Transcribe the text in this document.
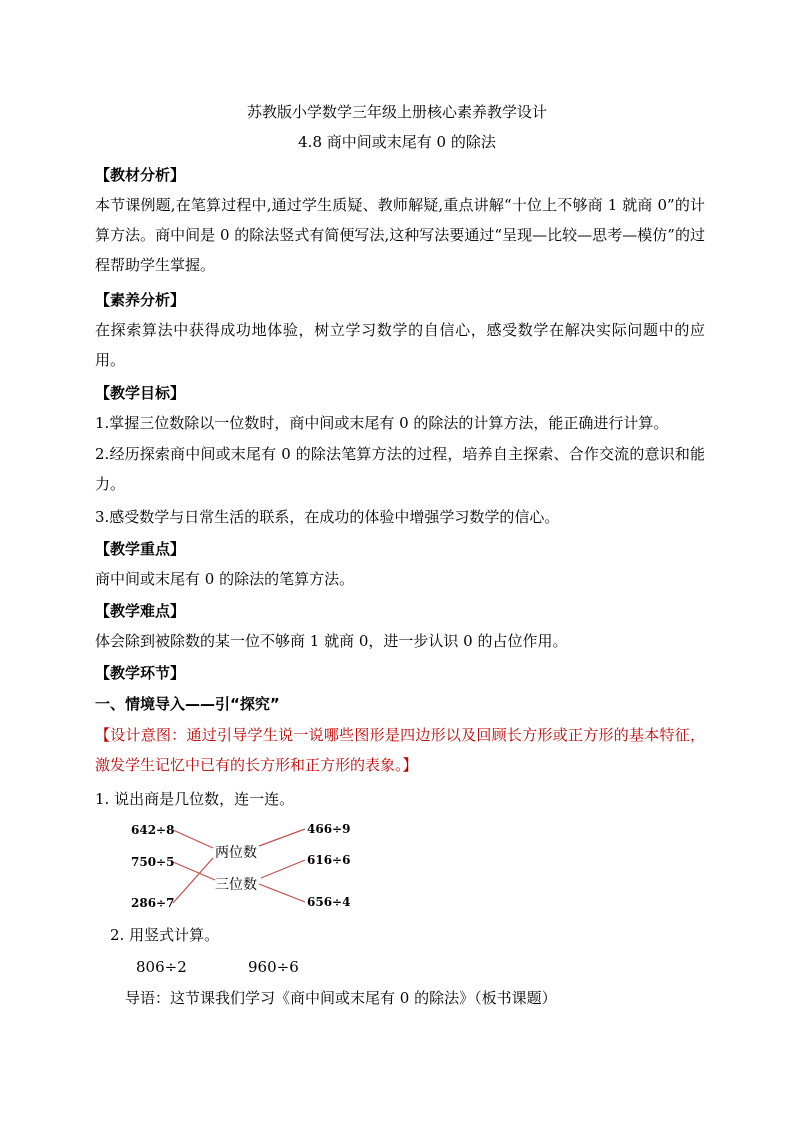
苏教版小学数学三年级上册核心素养教学设计
4.8 商中间或末尾有 0 的除法
【教材分析】
本节课例题,在笔算过程中,通过学生质疑、教师解疑,重点讲解“十位上不够商 1 就商 0”的计算方法。商中间是 0 的除法竖式有简便写法,这种写法要通过“呈现—比较—思考—模仿”的过程帮助学生掌握。
【素养分析】
在探索算法中获得成功地体验，树立学习数学的自信心，感受数学在解决实际问题中的应用。
【教学目标】
1.掌握三位数除以一位数时，商中间或末尾有 0 的除法的计算方法，能正确进行计算。
2.经历探索商中间或末尾有 0 的除法笔算方法的过程，培养自主探索、合作交流的意识和能力。
3.感受数学与日常生活的联系，在成功的体验中增强学习数学的信心。
【教学重点】
商中间或末尾有 0 的除法的笔算方法。
【教学难点】
体会除到被除数的某一位不够商 1 就商 0，进一步认识 0 的占位作用。
【教学环节】
一、情境导入——引“探究”
【设计意图：通过引导学生说一说哪些图形是四边形以及回顾长方形或正方形的基本特征，激发学生记忆中已有的长方形和正方形的表象。】
1. 说出商是几位数，连一连。
642÷8
750÷5
286÷7
两位数
三位数
466÷9
616÷6
656÷4
2. 用竖式计算。
806÷2	960÷6
导语：这节课我们学习《商中间或末尾有 0 的除法》（板书课题）
